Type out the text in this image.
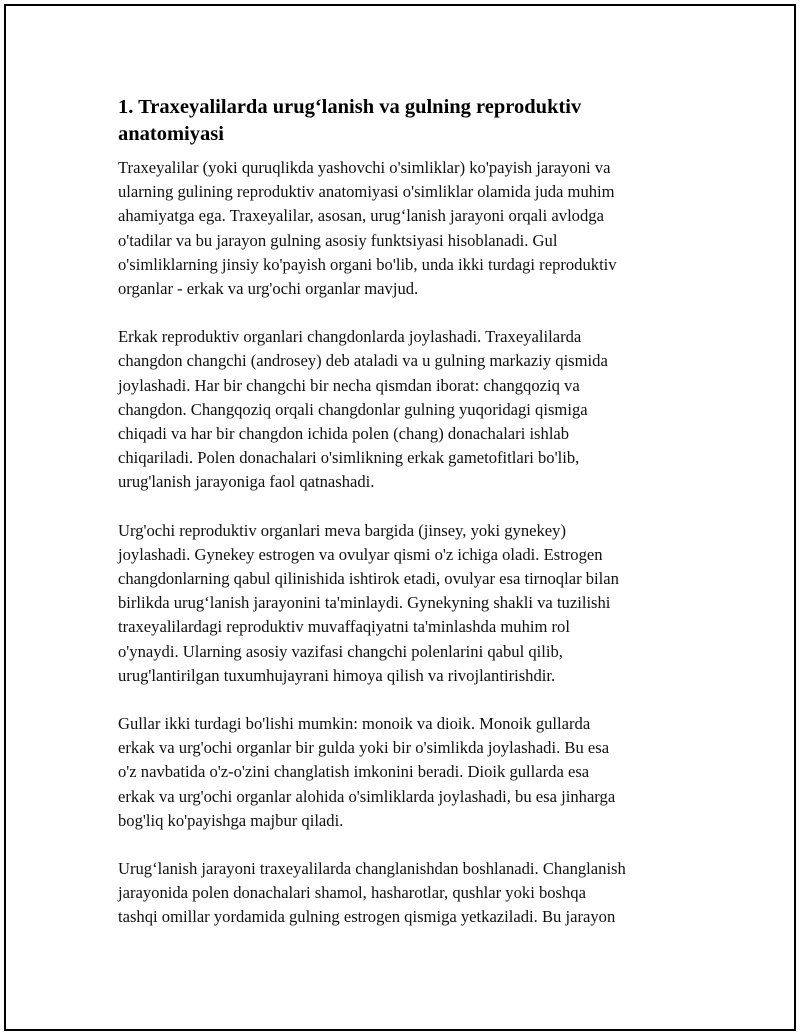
1. Traxeyalilarda urug‘lanish va gulning reproduktiv
anatomiyasi

Traxeyalilar (yoki quruqlikda yashovchi o'simliklar) ko'payish jarayoni va
ularning gulining reproduktiv anatomiyasi o'simliklar olamida juda muhim
ahamiyatga ega. Traxeyalilar, asosan, urug‘lanish jarayoni orqali avlodga
o'tadilar va bu jarayon gulning asosiy funktsiyasi hisoblanadi. Gul
o'simliklarning jinsiy ko'payish organi bo'lib, unda ikki turdagi reproduktiv
organlar - erkak va urg'ochi organlar mavjud.

Erkak reproduktiv organlari changdonlarda joylashadi. Traxeyalilarda
changdon changchi (androsey) deb ataladi va u gulning markaziy qismida
joylashadi. Har bir changchi bir necha qismdan iborat: changqoziq va
changdon. Changqoziq orqali changdonlar gulning yuqoridagi qismiga
chiqadi va har bir changdon ichida polen (chang) donachalari ishlab
chiqariladi. Polen donachalari o'simlikning erkak gametofitlari bo'lib,
urug'lanish jarayoniga faol qatnashadi.

Urg'ochi reproduktiv organlari meva bargida (jinsey, yoki gynekey)
joylashadi. Gynekey estrogen va ovulyar qismi o'z ichiga oladi. Estrogen
changdonlarning qabul qilinishida ishtirok etadi, ovulyar esa tirnoqlar bilan
birlikda urug‘lanish jarayonini ta'minlaydi. Gynekyning shakli va tuzilishi
traxeyalilardagi reproduktiv muvaffaqiyatni ta'minlashda muhim rol
o'ynaydi. Ularning asosiy vazifasi changchi polenlarini qabul qilib,
urug'lantirilgan tuxumhujayrani himoya qilish va rivojlantirishdir.

Gullar ikki turdagi bo'lishi mumkin: monoik va dioik. Monoik gullarda
erkak va urg'ochi organlar bir gulda yoki bir o'simlikda joylashadi. Bu esa
o'z navbatida o'z-o'zini changlatish imkonini beradi. Dioik gullarda esa
erkak va urg'ochi organlar alohida o'simliklarda joylashadi, bu esa jinharga
bog'liq ko'payishga majbur qiladi.

Urug‘lanish jarayoni traxeyalilarda changlanishdan boshlanadi. Changlanish
jarayonida polen donachalari shamol, hasharotlar, qushlar yoki boshqa
tashqi omillar yordamida gulning estrogen qismiga yetkaziladi. Bu jarayon
